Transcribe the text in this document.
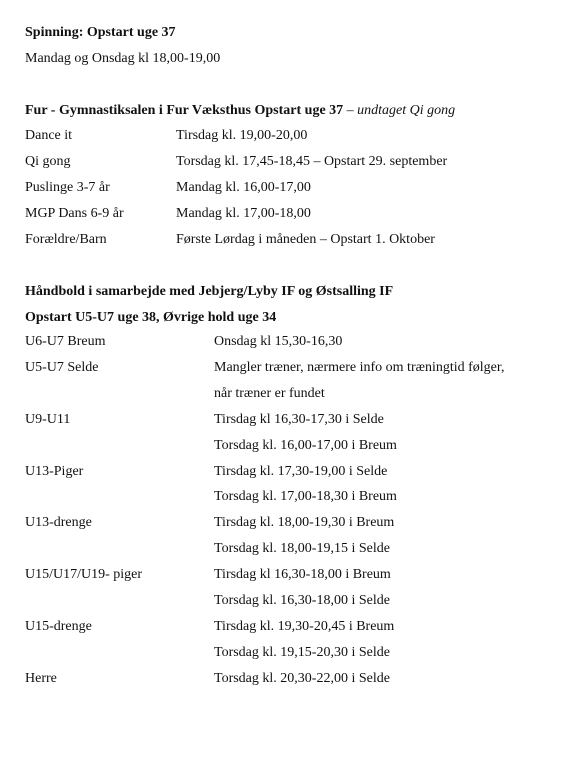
Spinning: Opstart uge 37
Mandag og Onsdag kl 18,00-19,00
Fur - Gymnastiksalen i Fur Væksthus Opstart uge 37 – undtaget Qi gong
Dance it	Tirsdag kl. 19,00-20,00
Qi gong	Torsdag kl. 17,45-18,45 – Opstart 29. september
Puslinge 3-7 år	Mandag kl. 16,00-17,00
MGP Dans 6-9 år	Mandag kl. 17,00-18,00
Forældre/Barn	Første Lørdag i måneden – Opstart 1. Oktober
Håndbold i samarbejde med Jebjerg/Lyby IF og Østsalling IF
Opstart U5-U7 uge 38, Øvrige hold uge 34
U6-U7 Breum	Onsdag kl 15,30-16,30
U5-U7 Selde	Mangler træner, nærmere info om træningtid følger,
når træner er fundet
U9-U11	Tirsdag kl 16,30-17,30 i Selde
Torsdag kl. 16,00-17,00 i Breum
U13-Piger	Tirsdag kl. 17,30-19,00 i Selde
Torsdag kl. 17,00-18,30 i Breum
U13-drenge	Tirsdag kl. 18,00-19,30 i Breum
Torsdag kl. 18,00-19,15 i Selde
U15/U17/U19- piger	Tirsdag kl 16,30-18,00 i Breum
Torsdag kl. 16,30-18,00 i Selde
U15-drenge	Tirsdag kl. 19,30-20,45 i Breum
Torsdag kl. 19,15-20,30 i Selde
Herre	Torsdag kl. 20,30-22,00 i Selde
